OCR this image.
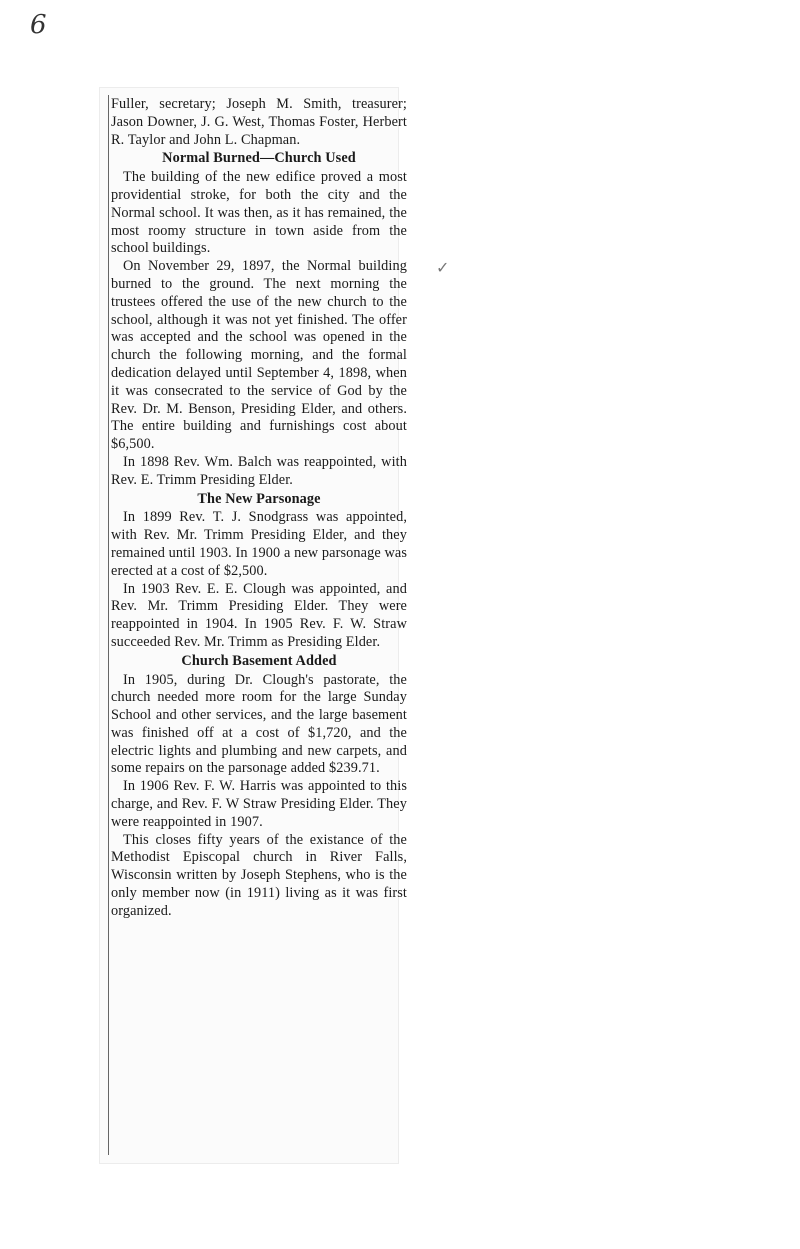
6
✓

Fuller, secretary; Joseph M. Smith, treasurer; Jason Downer, J. G. West, Thomas Foster, Herbert R. Taylor and John L. Chapman.

Normal Burned—Church Used

The building of the new edifice proved a most providential stroke, for both the city and the Normal school. It was then, as it has remained, the most roomy structure in town aside from the school buildings.

On November 29, 1897, the Normal building burned to the ground. The next morning the trustees offered the use of the new church to the school, although it was not yet finished. The offer was accepted and the school was opened in the church the following morning, and the formal dedication delayed until September 4, 1898, when it was consecrated to the service of God by the Rev. Dr. M. Benson, Presiding Elder, and others. The entire building and furnishings cost about $6,500.

In 1898 Rev. Wm. Balch was reappointed, with Rev. E. Trimm Presiding Elder.

The New Parsonage

In 1899 Rev. T. J. Snodgrass was appointed, with Rev. Mr. Trimm Presiding Elder, and they remained until 1903. In 1900 a new parsonage was erected at a cost of $2,500.

In 1903 Rev. E. E. Clough was appointed, and Rev. Mr. Trimm Presiding Elder. They were reappointed in 1904. In 1905 Rev. F. W. Straw succeeded Rev. Mr. Trimm as Presiding Elder.

Church Basement Added

In 1905, during Dr. Clough's pastorate, the church needed more room for the large Sunday School and other services, and the large basement was finished off at a cost of $1,720, and the electric lights and plumbing and new carpets, and some repairs on the parsonage added $239.71.

In 1906 Rev. F. W. Harris was appointed to this charge, and Rev. F. W Straw Presiding Elder. They were reappointed in 1907.

This closes fifty years of the existance of the Methodist Episcopal church in River Falls, Wisconsin written by Joseph Stephens, who is the only member now (in 1911) living as it was first organized.
